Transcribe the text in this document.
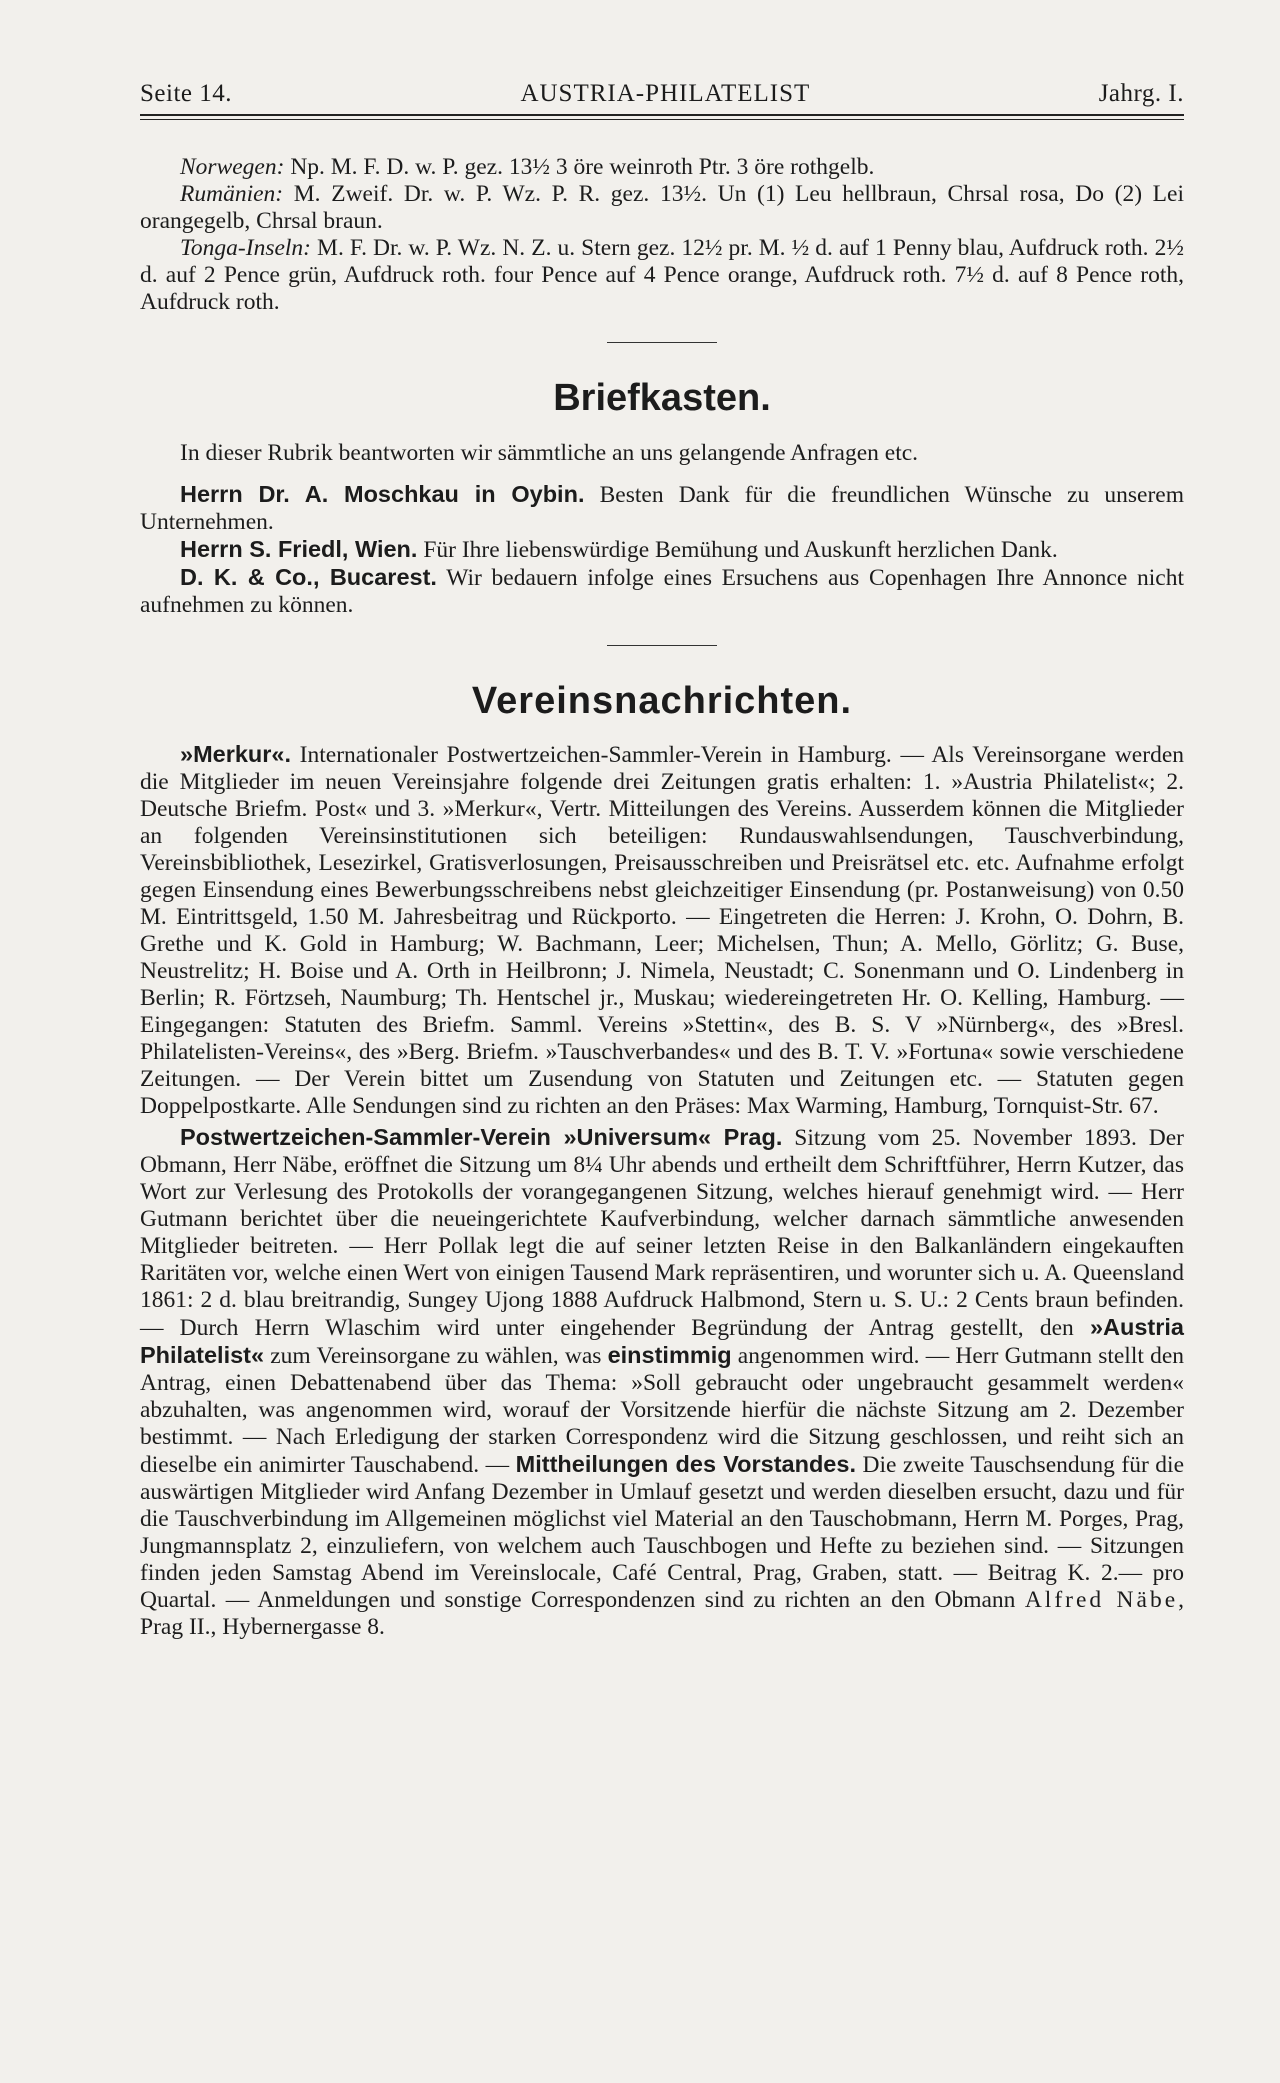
Seite 14.	AUSTRIA-PHILATELIST	Jahrg. I.

Norwegen: Np. M. F. D. w. P. gez. 13½ 3 öre weinroth Ptr. 3 öre rothgelb.

Rumänien: M. Zweif. Dr. w. P. Wz. P. R. gez. 13½. Un (1) Leu hellbraun, Chrsal rosa, Do (2) Lei orangegelb, Chrsal braun.

Tonga-Inseln: M. F. Dr. w. P. Wz. N. Z. u. Stern gez. 12½ pr. M. ½ d. auf 1 Penny blau, Aufdruck roth. 2½ d. auf 2 Pence grün, Aufdruck roth. four Pence auf 4 Pence orange, Aufdruck roth. 7½ d. auf 8 Pence roth, Aufdruck roth.

Briefkasten.

In dieser Rubrik beantworten wir sämmtliche an uns gelangende Anfragen etc.

Herrn Dr. A. Moschkau in Oybin. Besten Dank für die freundlichen Wünsche zu unserem Unternehmen.

Herrn S. Friedl, Wien. Für Ihre liebenswürdige Bemühung und Auskunft herzlichen Dank.

D. K. & Co., Bucarest. Wir bedauern infolge eines Ersuchens aus Copenhagen Ihre Annonce nicht aufnehmen zu können.

Vereinsnachrichten.

»Merkur«. Internationaler Postwertzeichen-Sammler-Verein in Hamburg. — Als Vereinsorgane werden die Mitglieder im neuen Vereinsjahre folgende drei Zeitungen gratis erhalten: 1. »Austria Philatelist«; 2. Deutsche Briefm. Post« und 3. »Merkur«, Vertr. Mitteilungen des Vereins. Ausserdem können die Mitglieder an folgenden Vereinsinstitutionen sich beteiligen: Rundauswahlsendungen, Tauschverbindung, Vereinsbibliothek, Lesezirkel, Gratisverlosungen, Preisausschreiben und Preisrätsel etc. etc. Aufnahme erfolgt gegen Einsendung eines Bewerbungsschreibens nebst gleichzeitiger Einsendung (pr. Postanweisung) von 0.50 M. Eintrittsgeld, 1.50 M. Jahresbeitrag und Rückporto. — Eingetreten die Herren: J. Krohn, O. Dohrn, B. Grethe und K. Gold in Hamburg; W. Bachmann, Leer; Michelsen, Thun; A. Mello, Görlitz; G. Buse, Neustrelitz; H. Boise und A. Orth in Heilbronn; J. Nimela, Neustadt; C. Sonenmann und O. Lindenberg in Berlin; R. Förtzseh, Naumburg; Th. Hentschel jr., Muskau; wiedereingetreten Hr. O. Kelling, Hamburg. — Eingegangen: Statuten des Briefm. Samml. Vereins »Stettin«, des B. S. V »Nürnberg«, des »Bresl. Philatelisten-Vereins«, des »Berg. Briefm. »Tauschverbandes« und des B. T. V. »Fortuna« sowie verschiedene Zeitungen. — Der Verein bittet um Zusendung von Statuten und Zeitungen etc. — Statuten gegen Doppelpostkarte. Alle Sendungen sind zu richten an den Präses: Max Warming, Hamburg, Tornquist-Str. 67.

Postwertzeichen-Sammler-Verein »Universum« Prag. Sitzung vom 25. November 1893. Der Obmann, Herr Näbe, eröffnet die Sitzung um 8¼ Uhr abends und ertheilt dem Schriftführer, Herrn Kutzer, das Wort zur Verlesung des Protokolls der vorangegangenen Sitzung, welches hierauf genehmigt wird. — Herr Gutmann berichtet über die neueingerichtete Kaufverbindung, welcher darnach sämmtliche anwesenden Mitglieder beitreten. — Herr Pollak legt die auf seiner letzten Reise in den Balkanländern eingekauften Raritäten vor, welche einen Wert von einigen Tausend Mark repräsentiren, und worunter sich u. A. Queensland 1861: 2 d. blau breitrandig, Sungey Ujong 1888 Aufdruck Halbmond, Stern u. S. U.: 2 Cents braun befinden. — Durch Herrn Wlaschim wird unter eingehender Begründung der Antrag gestellt, den »Austria Philatelist« zum Vereinsorgane zu wählen, was einstimmig angenommen wird. — Herr Gutmann stellt den Antrag, einen Debattenabend über das Thema: »Soll gebraucht oder ungebraucht gesammelt werden« abzuhalten, was angenommen wird, worauf der Vorsitzende hierfür die nächste Sitzung am 2. Dezember bestimmt. — Nach Erledigung der starken Correspondenz wird die Sitzung geschlossen, und reiht sich an dieselbe ein animirter Tauschabend. — Mittheilungen des Vorstandes. Die zweite Tauschsendung für die auswärtigen Mitglieder wird Anfang Dezember in Umlauf gesetzt und werden dieselben ersucht, dazu und für die Tauschverbindung im Allgemeinen möglichst viel Material an den Tauschobmann, Herrn M. Porges, Prag, Jungmannsplatz 2, einzuliefern, von welchem auch Tauschbogen und Hefte zu beziehen sind. — Sitzungen finden jeden Samstag Abend im Vereinslocale, Café Central, Prag, Graben, statt. — Beitrag K. 2.— pro Quartal. — Anmeldungen und sonstige Correspondenzen sind zu richten an den Obmann Alfred Näbe, Prag II., Hybernergasse 8.
